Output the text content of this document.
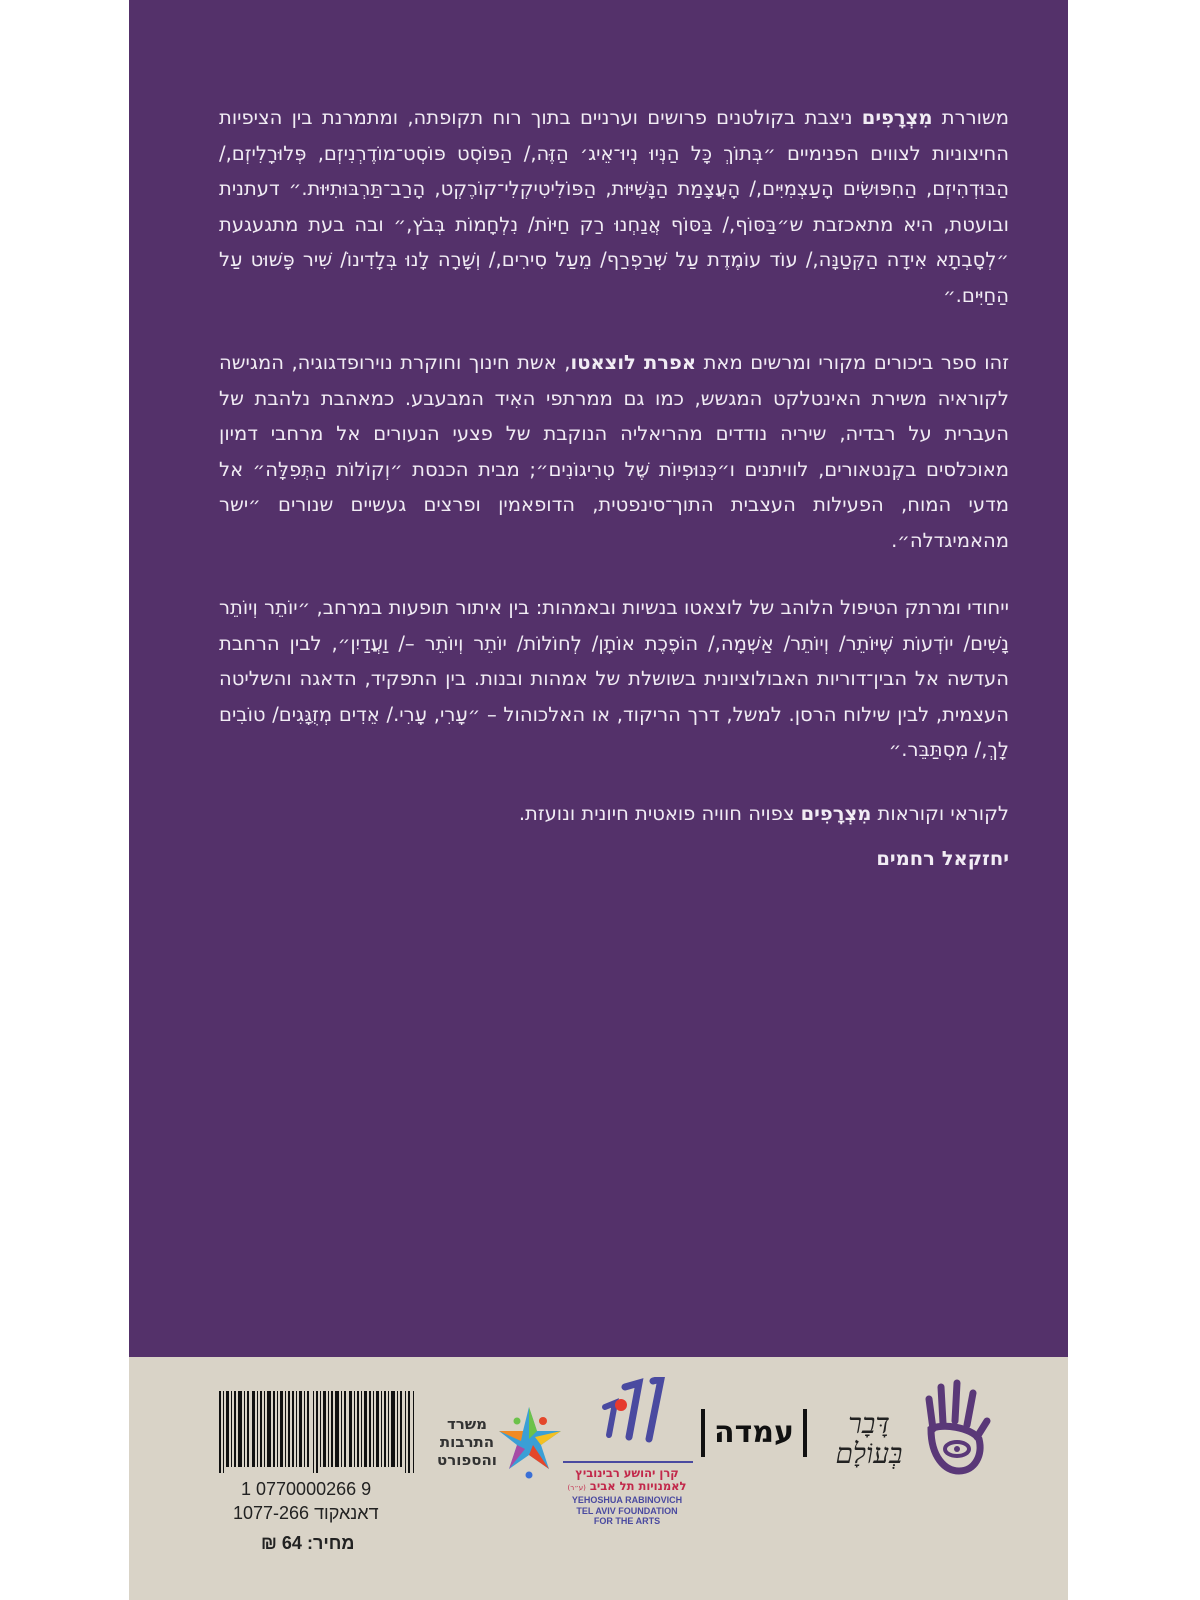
משוררת מִצְרָפִים ניצבת בקולטנים פרושים וערניים בתוך רוח תקופתה, ומתמרנת בין הציפיות החיצוניות לצווים הפנימיים ״בְּתוֹךְ כָּל הַנְּיוּ נְיוּ־אֵיג׳ הַזֶּה,/ הַפּוֹסְט פּוֹסְט־מוֹדֶרְנִיזְם, פְּלוּרָלִיזְם,/ הַבּוּדְהִיזְם, הַחִפּוּשִׂים הָעַצְמִיִּים,/ הָעֲצָמַת הַנָּשִׁיּוּת, הַפּוֹלִיטִיקְלִי־קוֹרֶקְט, הָרַב־תַּרְבּוּתִיּוּת.״ דעתנית ובועטת, היא מתאכזבת ש״בַּסּוֹף,/ בַּסּוֹף אֲנַחְנוּ רַק חַיּוֹת/ נִלְחָמוֹת בְּבֹץ,״ ובה בעת מתגעגעת ״לְסָבְתָא אִידָה הַקְּטַנָּה,/ עוֹד עוֹמֶדֶת עַל שְׁרַפְרַף/ מֵעַל סִירִים,/ וְשָׁרָה לָנוּ בְּלָדִינוֹ/ שִׁיר פָּשׁוּט עַל הַחַיִּים.״

זהו ספר ביכורים מקורי ומרשים מאת אפרת לוצאטו, אשת חינוך וחוקרת נוירופדגוגיה, המגישה לקוראיה משירת האינטלקט המגשש, כמו גם ממרתפי האִיד המבעבע. כמאהבת נלהבת של העברית על רבדיה, שיריה נודדים מהריאליה הנוקבת של פצעי הנעורים אל מרחבי דמיון מאוכלסים בקֶנטאורים, לוויתנים ו״כְּנוּפְיוֹת שֶׁל טְרִיגוֹנִים״; מבית הכנסת ״וְקוֹלוֹת הַתְּפִלָּה״ אל מדעי המוח, הפעילות העצבית התוך־סינפטית, הדופאמין ופרצים געשיים שנורים ״ישר מהאמיגדלה״.

ייחודי ומרתק הטיפול הלוהב של לוצאטו בנשיות ובאמהות: בין איתור תופעות במרחב, ״יוֹתֵר וְיוֹתֵר נָשִׁים/ יוֹדְעוֹת שֶׁיּוֹתֵר/ וְיוֹתֵר/ אַשְׁמָה,/ הוֹפֶכֶת אוֹתָן/ לְחוֹלוֹת/ יוֹתֵר וְיוֹתֵר –/ וַעֲדַיִן״, לבין הרחבת העדשה אל הבין־דוריות האבולוציונית בשושלת של אמהות ובנות. בין התפקיד, הדאגה והשליטה העצמית, לבין שילוח הרסן. למשל, דרך הריקוד, או האלכוהול – ״עָרִי, עָרִי./ אֵדִים מְזֻגָּגִים/ טוֹבִים לָךְ,/ מִסְתַּבֵּר.״

לקוראי וקוראות מִצְרָפִים צפויה חוויה פואטית חיונית ונועזת.

יחזקאל רחמים

1 0770000266 9
דאנאקוד 1077-266
מחיר: 64 ₪
משרד
התרבות
והספורט
קרן יהושע רבינוביץ
לאמנויות תל אביב (ע״ר)
YEHOSHUA RABINOVICH
TEL AVIV FOUNDATION
FOR THE ARTS
עמדה	דָּבָר
בְּעוֹלָם
